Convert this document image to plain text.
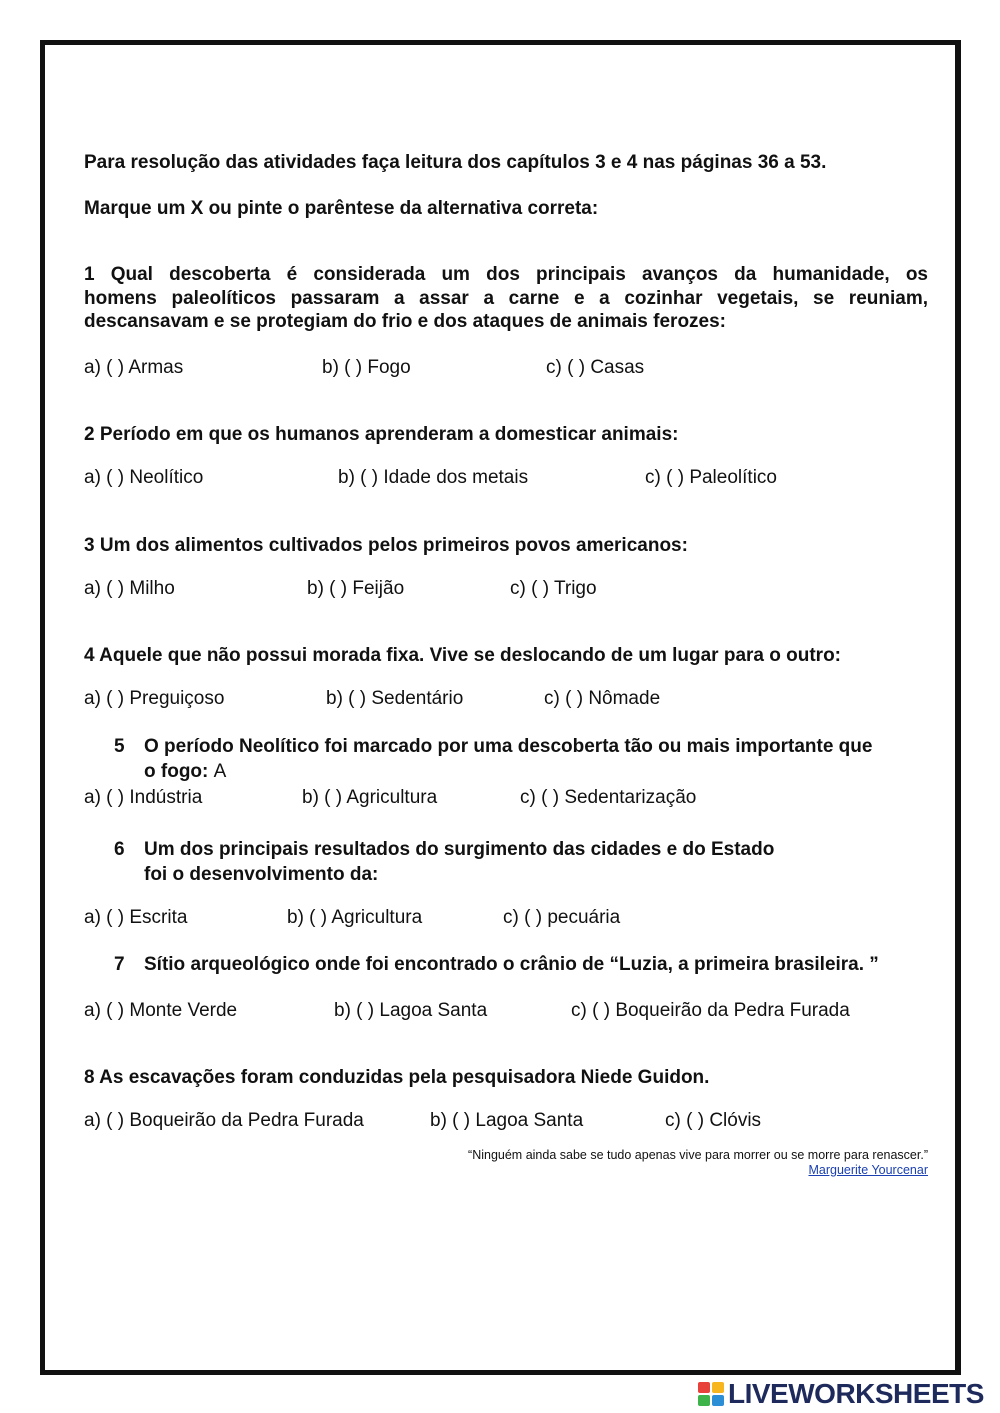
Para resolução das atividades faça leitura dos capítulos 3 e 4 nas páginas 36 a 53.
Marque um X ou pinte o parêntese da alternativa correta:
1 Qual descoberta é considerada um dos principais avanços da humanidade, os
homens paleolíticos passaram a assar a carne e a cozinhar vegetais, se reuniam,
descansavam e se protegiam do frio e dos ataques de animais ferozes:
a) ( ) Armas	b) ( ) Fogo	c) ( ) Casas
2 Período em que os humanos aprenderam a domesticar animais:
a) ( ) Neolítico	b) ( ) Idade dos metais	c) ( ) Paleolítico
3 Um dos alimentos cultivados pelos primeiros povos americanos:
a) ( ) Milho	b) ( ) Feijão	c) ( ) Trigo
4 Aquele que não possui morada fixa. Vive se deslocando de um lugar para o outro:
a) ( ) Preguiçoso	b) ( ) Sedentário	c) ( ) Nômade
5 O período Neolítico foi marcado por uma descoberta tão ou mais importante que
o fogo: A
a) ( ) Indústria	b) ( ) Agricultura	c) ( ) Sedentarização
6 Um dos principais resultados do surgimento das cidades e do Estado
foi o desenvolvimento da:
a) ( ) Escrita	b) ( ) Agricultura	c) ( ) pecuária
7 Sítio arqueológico onde foi encontrado o crânio de “Luzia, a primeira brasileira. ”
a) ( ) Monte Verde	b) ( ) Lagoa Santa	c) ( ) Boqueirão da Pedra Furada
8 As escavações foram conduzidas pela pesquisadora Niede Guidon.
a) ( ) Boqueirão da Pedra Furada	b) ( ) Lagoa Santa	c) ( ) Clóvis
“Ninguém ainda sabe se tudo apenas vive para morrer ou se morre para renascer.”
Marguerite Yourcenar
LIVEWORKSHEETS
